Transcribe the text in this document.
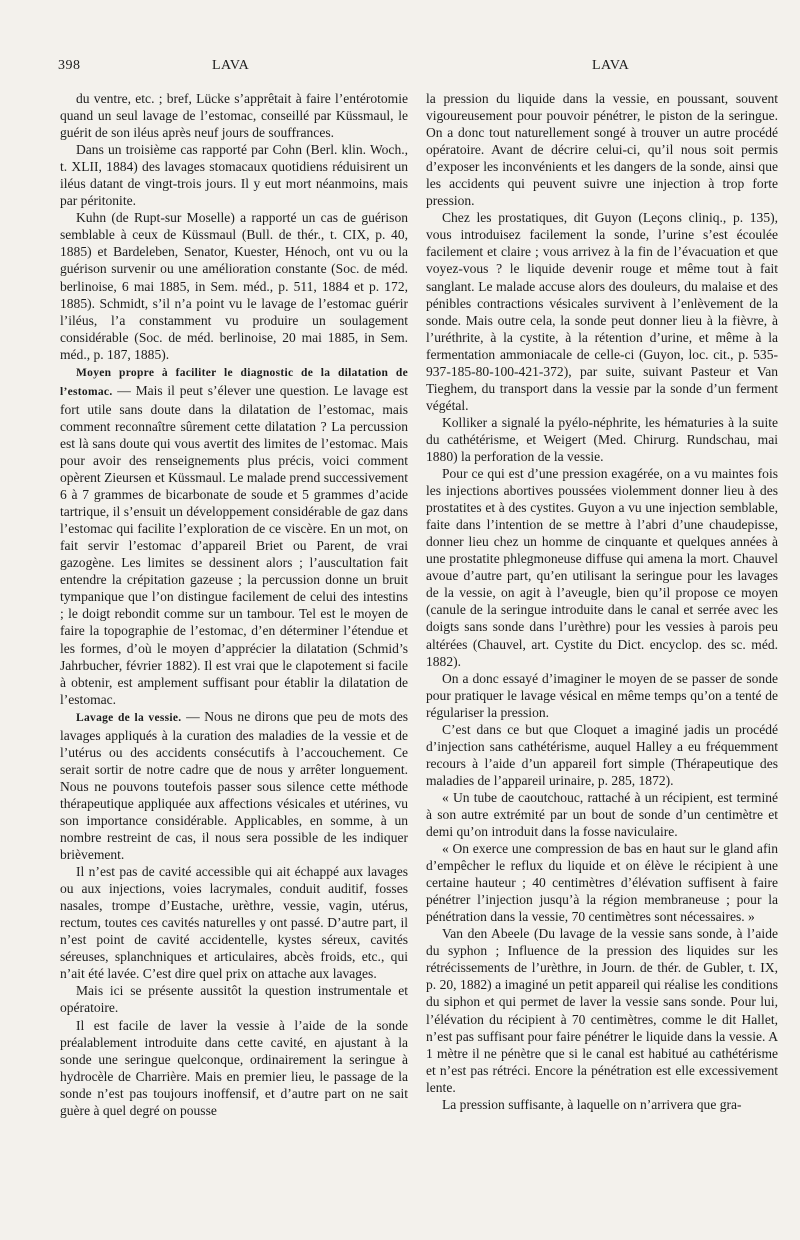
398	LAVA	LAVA

du ventre, etc. ; bref, Lücke s’apprêtait à faire l’entérotomie quand un seul lavage de l’estomac, conseillé par Küssmaul, le guérit de son iléus après neuf jours de souffrances.

Dans un troisième cas rapporté par Cohn (Berl. klin. Woch., t. XLII, 1884) des lavages stomacaux quotidiens réduisirent un iléus datant de vingt-trois jours. Il y eut mort néanmoins, mais par péritonite.

Kuhn (de Rupt-sur Moselle) a rapporté un cas de guérison semblable à ceux de Küssmaul (Bull. de thér., t. CIX, p. 40, 1885) et Bardeleben, Senator, Kuester, Hénoch, ont vu ou la guérison survenir ou une amélioration constante (Soc. de méd. berlinoise, 6 mai 1885, in Sem. méd., p. 511, 1884 et p. 172, 1885). Schmidt, s’il n’a point vu le lavage de l’estomac guérir l’iléus, l’a constamment vu produire un soulagement considérable (Soc. de méd. berlinoise, 20 mai 1885, in Sem. méd., p. 187, 1885).

Moyen propre à faciliter le diagnostic de la dilatation de l’estomac. — Mais il peut s’élever une question. Le lavage est fort utile sans doute dans la dilatation de l’estomac, mais comment reconnaître sûrement cette dilatation ? La percussion est là sans doute qui vous avertit des limites de l’estomac. Mais pour avoir des renseignements plus précis, voici comment opèrent Zieursen et Küssmaul. Le malade prend successivement 6 à 7 grammes de bicarbonate de soude et 5 grammes d’acide tartrique, il s’ensuit un développement considérable de gaz dans l’estomac qui facilite l’exploration de ce viscère. En un mot, on fait servir l’estomac d’appareil Briet ou Parent, de vrai gazogène. Les limites se dessinent alors ; l’auscultation fait entendre la crépitation gazeuse ; la percussion donne un bruit tympanique que l’on distingue facilement de celui des intestins ; le doigt rebondit comme sur un tambour. Tel est le moyen de faire la topographie de l’estomac, d’en déterminer l’étendue et les formes, d’où le moyen d’apprécier la dilatation (Schmid’s Jahrbucher, février 1882). Il est vrai que le clapotement si facile à obtenir, est amplement suffisant pour établir la dilatation de l’estomac.

Lavage de la vessie. — Nous ne dirons que peu de mots des lavages appliqués à la curation des maladies de la vessie et de l’utérus ou des accidents consécutifs à l’accouchement. Ce serait sortir de notre cadre que de nous y arrêter longuement. Nous ne pouvons toutefois passer sous silence cette méthode thérapeutique appliquée aux affections vésicales et utérines, vu son importance considérable. Applicables, en somme, à un nombre restreint de cas, il nous sera possible de les indiquer brièvement.

Il n’est pas de cavité accessible qui ait échappé aux lavages ou aux injections, voies lacrymales, conduit auditif, fosses nasales, trompe d’Eustache, urèthre, vessie, vagin, utérus, rectum, toutes ces cavités naturelles y ont passé. D’autre part, il n’est point de cavité accidentelle, kystes séreux, cavités séreuses, splanchniques et articulaires, abcès froids, etc., qui n’ait été lavée. C’est dire quel prix on attache aux lavages.

Mais ici se présente aussitôt la question instrumentale et opératoire.

Il est facile de laver la vessie à l’aide de la sonde préalablement introduite dans cette cavité, en ajustant à la sonde une seringue quelconque, ordinairement la seringue à hydrocèle de Charrière. Mais en premier lieu, le passage de la sonde n’est pas toujours inoffensif, et d’autre part on ne sait guère à quel degré on pousse

la pression du liquide dans la vessie, en poussant, souvent vigoureusement pour pouvoir pénétrer, le piston de la seringue. On a donc tout naturellement songé à trouver un autre procédé opératoire. Avant de décrire celui-ci, qu’il nous soit permis d’exposer les inconvénients et les dangers de la sonde, ainsi que les accidents qui peuvent suivre une injection à trop forte pression.

Chez les prostatiques, dit Guyon (Leçons cliniq., p. 135), vous introduisez facilement la sonde, l’urine s’est écoulée facilement et claire ; vous arrivez à la fin de l’évacuation et que voyez-vous ? le liquide devenir rouge et même tout à fait sanglant. Le malade accuse alors des douleurs, du malaise et des pénibles contractions vésicales survivent à l’enlèvement de la sonde. Mais outre cela, la sonde peut donner lieu à la fièvre, à l’uréthrite, à la cystite, à la rétention d’urine, et même à la fermentation ammoniacale de celle-ci (Guyon, loc. cit., p. 535-937-185-80-100-421-372), par suite, suivant Pasteur et Van Tieghem, du transport dans la vessie par la sonde d’un ferment végétal.

Kolliker a signalé la pyélo-néphrite, les hématuries à la suite du cathétérisme, et Weigert (Med. Chirurg. Rundschau, mai 1880) la perforation de la vessie.

Pour ce qui est d’une pression exagérée, on a vu maintes fois les injections abortives poussées violemment donner lieu à des prostatites et à des cystites. Guyon a vu une injection semblable, faite dans l’intention de se mettre à l’abri d’une chaudepisse, donner lieu chez un homme de cinquante et quelques années à une prostatite phlegmoneuse diffuse qui amena la mort. Chauvel avoue d’autre part, qu’en utilisant la seringue pour les lavages de la vessie, on agit à l’aveugle, bien qu’il propose ce moyen (canule de la seringue introduite dans le canal et serrée avec les doigts sans sonde dans l’urèthre) pour les vessies à parois peu altérées (Chauvel, art. Cystite du Dict. encyclop. des sc. méd. 1882).

On a donc essayé d’imaginer le moyen de se passer de sonde pour pratiquer le lavage vésical en même temps qu’on a tenté de régulariser la pression.

C’est dans ce but que Cloquet a imaginé jadis un procédé d’injection sans cathétérisme, auquel Halley a eu fréquemment recours à l’aide d’un appareil fort simple (Thérapeutique des maladies de l’appareil urinaire, p. 285, 1872).

« Un tube de caoutchouc, rattaché à un récipient, est terminé à son autre extrémité par un bout de sonde d’un centimètre et demi qu’on introduit dans la fosse naviculaire.

« On exerce une compression de bas en haut sur le gland afin d’empêcher le reflux du liquide et on élève le récipient à une certaine hauteur ; 40 centimètres d’élévation suffisent à faire pénétrer l’injection jusqu’à la région membraneuse ; pour la pénétration dans la vessie, 70 centimètres sont nécessaires. »

Van den Abeele (Du lavage de la vessie sans sonde, à l’aide du syphon ; Influence de la pression des liquides sur les rétrécissements de l’urèthre, in Journ. de thér. de Gubler, t. IX, p. 20, 1882) a imaginé un petit appareil qui réalise les conditions du siphon et qui permet de laver la vessie sans sonde. Pour lui, l’élévation du récipient à 70 centimètres, comme le dit Hallet, n’est pas suffisant pour faire pénétrer le liquide dans la vessie. A 1 mètre il ne pénètre que si le canal est habitué au cathétérisme et n’est pas rétréci. Encore la pénétration est elle excessivement lente.

La pression suffisante, à laquelle on n’arrivera que gra-
